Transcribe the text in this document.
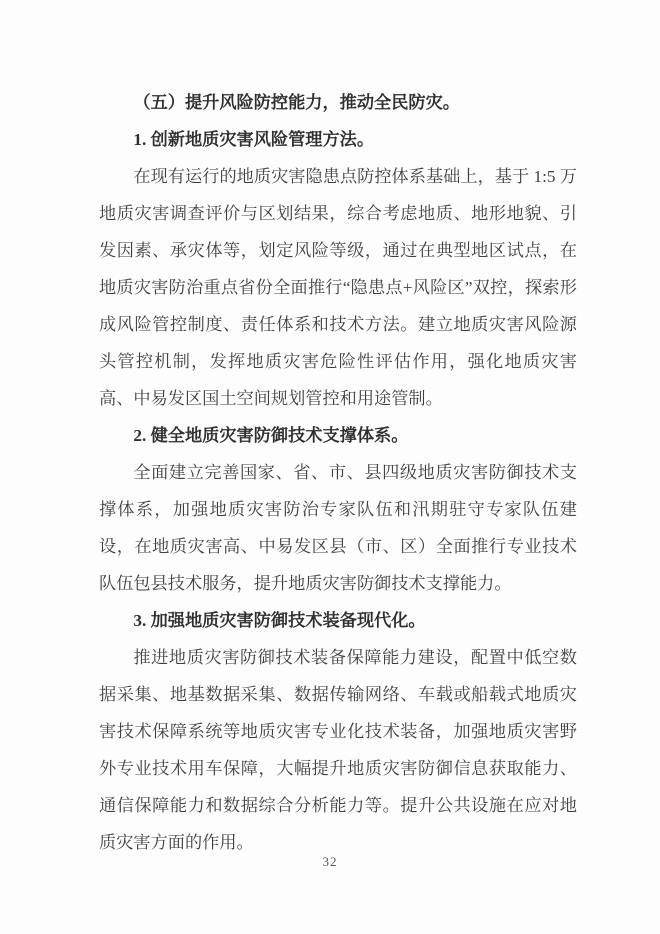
（五）提升风险防控能力，推动全民防灾。
1. 创新地质灾害风险管理方法。

在现有运行的地质灾害隐患点防控体系基础上，基于 1:5 万地质灾害调查评价与区划结果，综合考虑地质、地形地貌、引发因素、承灾体等，划定风险等级，通过在典型地区试点，在地质灾害防治重点省份全面推行“隐患点+风险区”双控，探索形成风险管控制度、责任体系和技术方法。建立地质灾害风险源头管控机制，发挥地质灾害危险性评估作用，强化地质灾害高、中易发区国土空间规划管控和用途管制。

2. 健全地质灾害防御技术支撑体系。

全面建立完善国家、省、市、县四级地质灾害防御技术支撑体系，加强地质灾害防治专家队伍和汛期驻守专家队伍建设，在地质灾害高、中易发区县（市、区）全面推行专业技术队伍包县技术服务，提升地质灾害防御技术支撑能力。

3. 加强地质灾害防御技术装备现代化。

推进地质灾害防御技术装备保障能力建设，配置中低空数据采集、地基数据采集、数据传输网络、车载或船载式地质灾害技术保障系统等地质灾害专业化技术装备，加强地质灾害野外专业技术用车保障，大幅提升地质灾害防御信息获取能力、通信保障能力和数据综合分析能力等。提升公共设施在应对地质灾害方面的作用。

32
